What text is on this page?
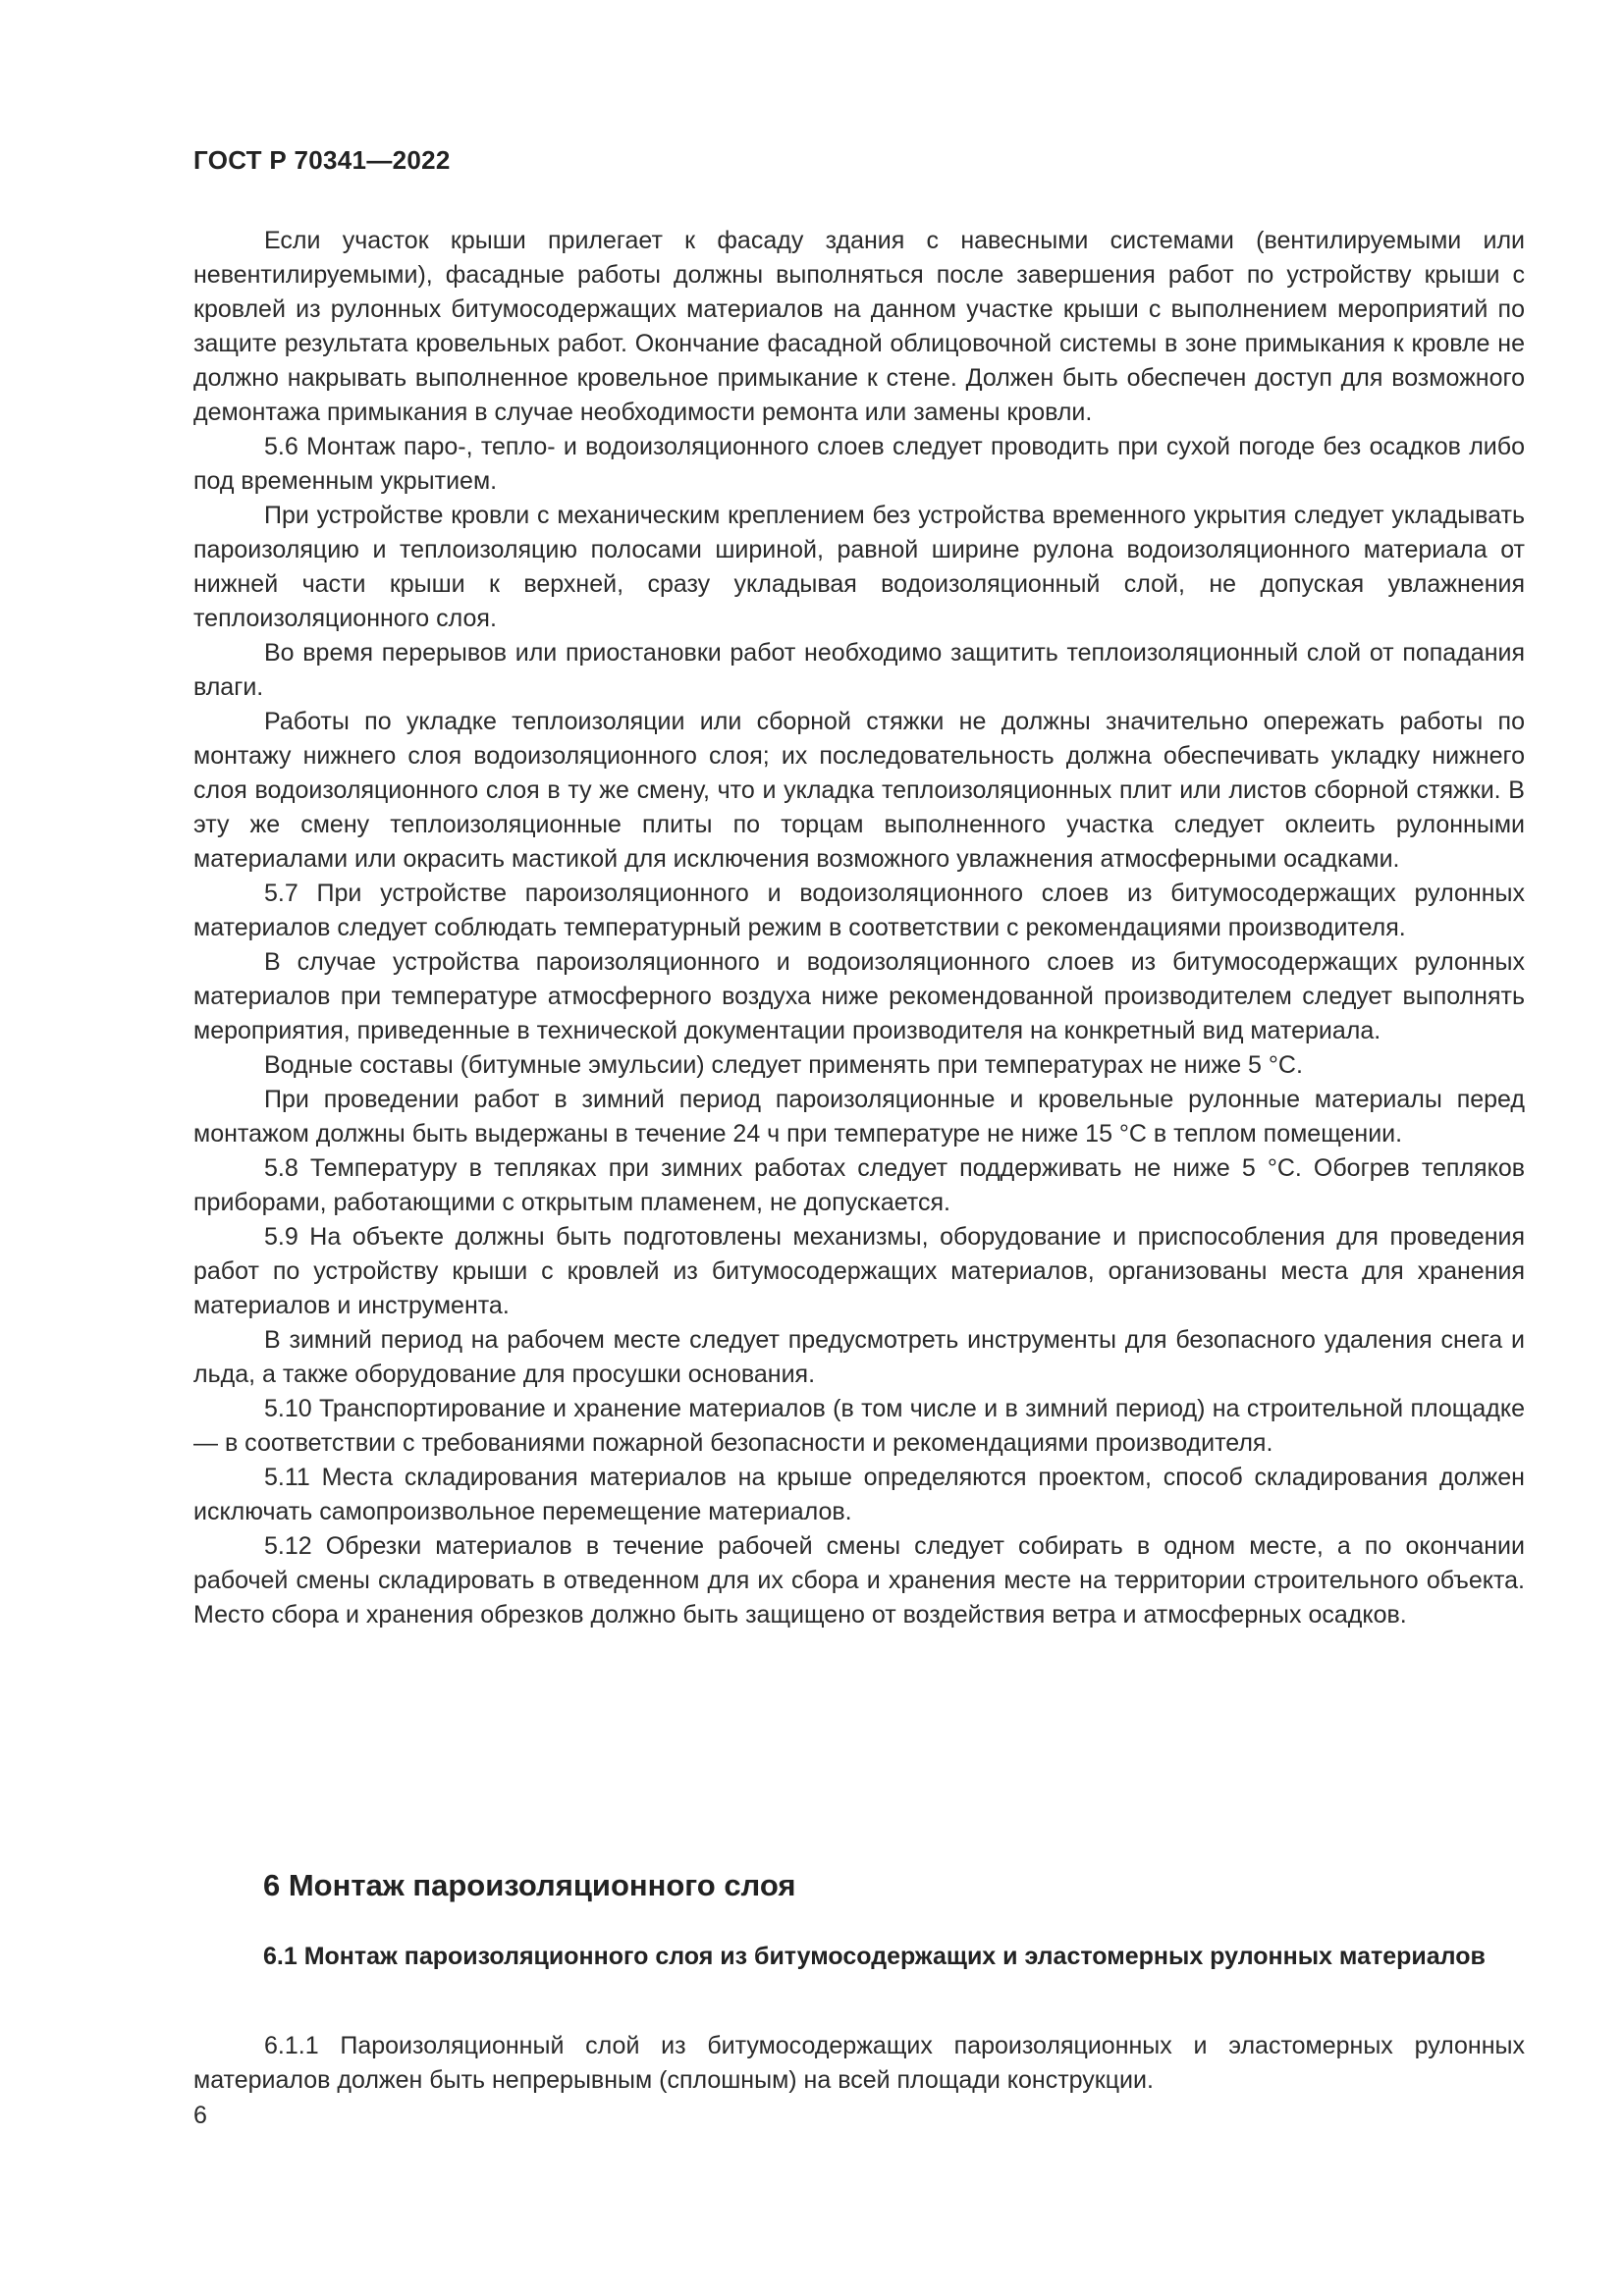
ГОСТ Р 70341—2022

Если участок крыши прилегает к фасаду здания с навесными системами (вентилируемыми или невентилируемыми), фасадные работы должны выполняться после завершения работ по устройству крыши с кровлей из рулонных битумосодержащих материалов на данном участке крыши с выполнением мероприятий по защите результата кровельных работ. Окончание фасадной облицовочной системы в зоне примыкания к кровле не должно накрывать выполненное кровельное примыкание к стене. Должен быть обеспечен доступ для возможного демонтажа примыкания в случае необходимости ремонта или замены кровли.

5.6 Монтаж паро-, тепло- и водоизоляционного слоев следует проводить при сухой погоде без осадков либо под временным укрытием.

При устройстве кровли с механическим креплением без устройства временного укрытия следует укладывать пароизоляцию и теплоизоляцию полосами шириной, равной ширине рулона водоизоляционного материала от нижней части крыши к верхней, сразу укладывая водоизоляционный слой, не допуская увлажнения теплоизоляционного слоя.

Во время перерывов или приостановки работ необходимо защитить теплоизоляционный слой от попадания влаги.

Работы по укладке теплоизоляции или сборной стяжки не должны значительно опережать работы по монтажу нижнего слоя водоизоляционного слоя; их последовательность должна обеспечивать укладку нижнего слоя водоизоляционного слоя в ту же смену, что и укладка теплоизоляционных плит или листов сборной стяжки. В эту же смену теплоизоляционные плиты по торцам выполненного участка следует оклеить рулонными материалами или окрасить мастикой для исключения возможного увлажнения атмосферными осадками.

5.7 При устройстве пароизоляционного и водоизоляционного слоев из битумосодержащих рулонных материалов следует соблюдать температурный режим в соответствии с рекомендациями производителя.

В случае устройства пароизоляционного и водоизоляционного слоев из битумосодержащих рулонных материалов при температуре атмосферного воздуха ниже рекомендованной производителем следует выполнять мероприятия, приведенные в технической документации производителя на конкретный вид материала.

Водные составы (битумные эмульсии) следует применять при температурах не ниже 5 °С.

При проведении работ в зимний период пароизоляционные и кровельные рулонные материалы перед монтажом должны быть выдержаны в течение 24 ч при температуре не ниже 15 °С в теплом помещении.

5.8 Температуру в тепляках при зимних работах следует поддерживать не ниже 5 °С. Обогрев тепляков приборами, работающими с открытым пламенем, не допускается.

5.9 На объекте должны быть подготовлены механизмы, оборудование и приспособления для проведения работ по устройству крыши с кровлей из битумосодержащих материалов, организованы места для хранения материалов и инструмента.

В зимний период на рабочем месте следует предусмотреть инструменты для безопасного удаления снега и льда, а также оборудование для просушки основания.

5.10 Транспортирование и хранение материалов (в том числе и в зимний период) на строительной площадке — в соответствии с требованиями пожарной безопасности и рекомендациями производителя.

5.11 Места складирования материалов на крыше определяются проектом, способ складирования должен исключать самопроизвольное перемещение материалов.

5.12 Обрезки материалов в течение рабочей смены следует собирать в одном месте, а по окончании рабочей смены складировать в отведенном для их сбора и хранения месте на территории строительного объекта. Место сбора и хранения обрезков должно быть защищено от воздействия ветра и атмосферных осадков.

6 Монтаж пароизоляционного слоя
6.1 Монтаж пароизоляционного слоя из битумосодержащих и эластомерных рулонных материалов

6.1.1 Пароизоляционный слой из битумосодержащих пароизоляционных и эластомерных рулонных материалов должен быть непрерывным (сплошным) на всей площади конструкции.

6
